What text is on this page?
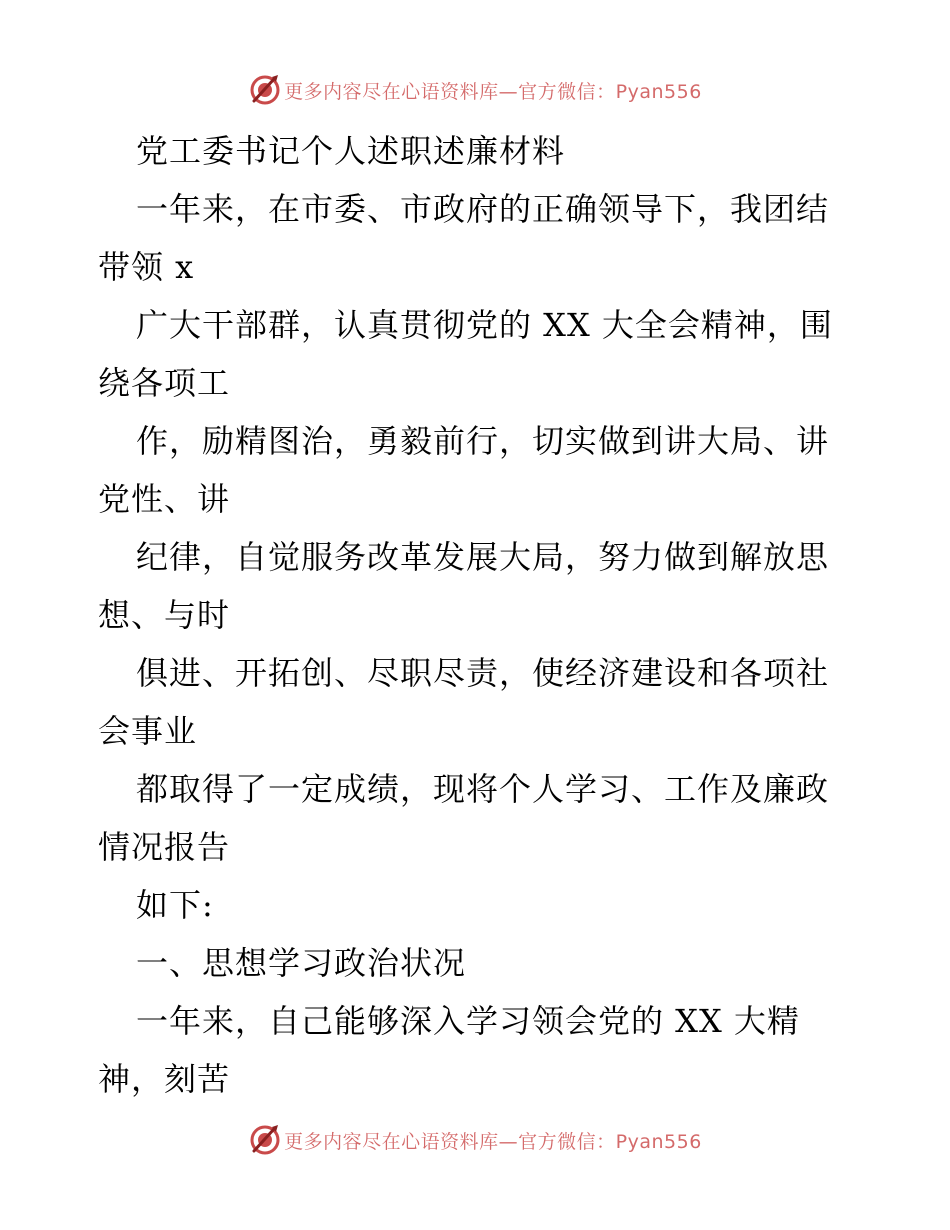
更多内容尽在心语资料库—官方微信：Pyan556
党工委书记个人述职述廉材料
一年来，在市委、市政府的正确领导下，我团结
带领 x
广大干部群，认真贯彻党的 XX 大全会精神，围
绕各项工
作，励精图治，勇毅前行，切实做到讲大局、讲
党性、讲
纪律，自觉服务改革发展大局，努力做到解放思
想、与时
俱进、开拓创、尽职尽责，使经济建设和各项社
会事业
都取得了一定成绩，现将个人学习、工作及廉政
情况报告
如下:
一、思想学习政治状况
一年来，自己能够深入学习领会党的 XX 大精
神，刻苦
更多内容尽在心语资料库—官方微信：Pyan556
